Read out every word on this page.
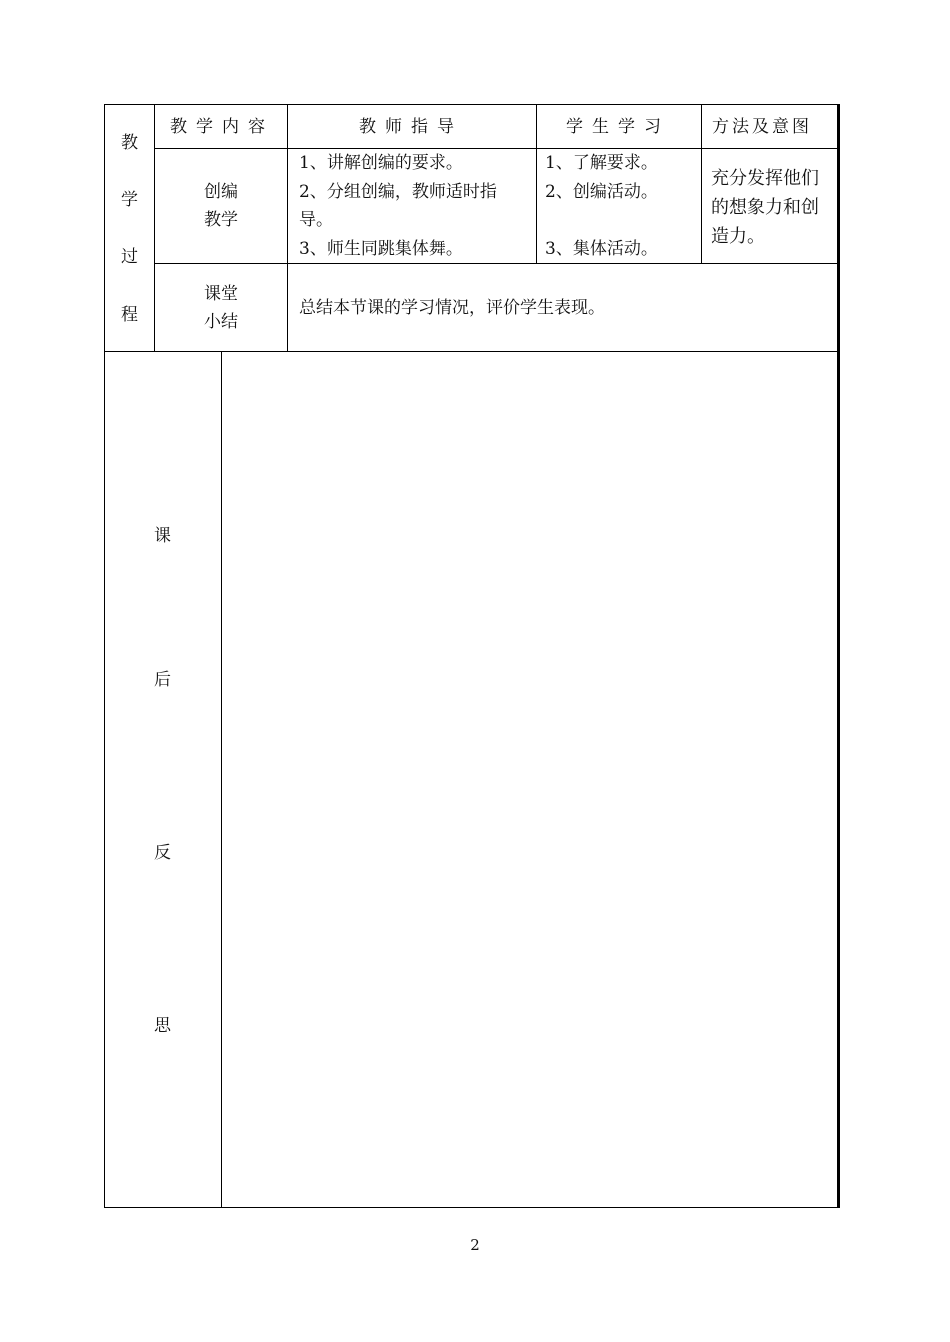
教
学
过
程
教学内容	教师指导	学生学习 方法及意图
创编
教学
1、讲解创编的要求。
2、分组创编，教师适时指
导。
3、师生同跳集体舞。
1、了解要求。
2、创编活动。
3、集体活动。
充分发挥他们
的想象力和创
造力。
课堂
小结
总结本节课的学习情况，评价学生表现。
课
后
反
思
2
